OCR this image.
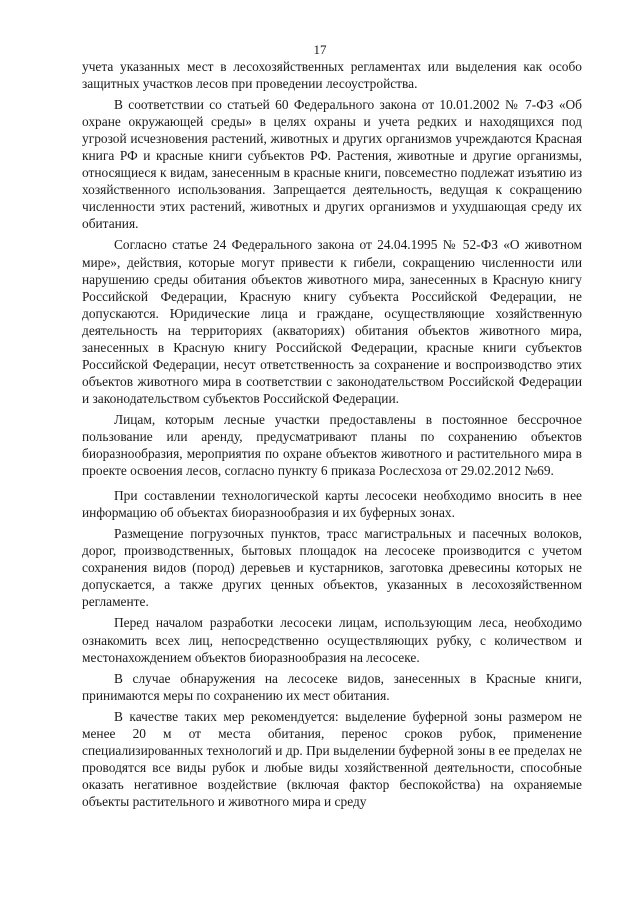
17

учета указанных мест в лесохозяйственных регламентах или выделения как особо защитных участков лесов при проведении лесоустройства.

В соответствии со статьей 60 Федерального закона от 10.01.2002 № 7-ФЗ «Об охране окружающей среды» в целях охраны и учета редких и находящихся под угрозой исчезновения растений, животных и других организмов учреждаются Красная книга РФ и красные книги субъектов РФ. Растения, животные и другие организмы, относящиеся к видам, занесенным в красные книги, повсеместно подлежат изъятию из хозяйственного использования. Запрещается деятельность, ведущая к сокращению численности этих растений, животных и других организмов и ухудшающая среду их обитания.

Согласно статье 24 Федерального закона от 24.04.1995 № 52-ФЗ «О животном мире», действия, которые могут привести к гибели, сокращению численности или нарушению среды обитания объектов животного мира, занесенных в Красную книгу Российской Федерации, Красную книгу субъекта Российской Федерации, не допускаются. Юридические лица и граждане, осуществляющие хозяйственную деятельность на территориях (акваториях) обитания объектов животного мира, занесенных в Красную книгу Российской Федерации, красные книги субъектов Российской Федерации, несут ответственность за сохранение и воспроизводство этих объектов животного мира в соответствии с законодательством Российской Федерации и законодательством субъектов Российской Федерации.

Лицам, которым лесные участки предоставлены в постоянное бессрочное пользование или аренду, предусматривают планы по сохранению объектов биоразнообразия, мероприятия по охране объектов животного и растительного мира в проекте освоения лесов, согласно пункту 6 приказа Рослесхоза от 29.02.2012 №69.

При составлении технологической карты лесосеки необходимо вносить в нее информацию об объектах биоразнообразия и их буферных зонах.

Размещение погрузочных пунктов, трасс магистральных и пасечных волоков, дорог, производственных, бытовых площадок на лесосеке производится с учетом сохранения видов (пород) деревьев и кустарников, заготовка древесины которых не допускается, а также других ценных объектов, указанных в лесохозяйственном регламенте.

Перед началом разработки лесосеки лицам, использующим леса, необходимо ознакомить всех лиц, непосредственно осуществляющих рубку, с количеством и местонахождением объектов биоразнообразия на лесосеке.

В случае обнаружения на лесосеке видов, занесенных в Красные книги, принимаются меры по сохранению их мест обитания.

В качестве таких мер рекомендуется: выделение буферной зоны размером не менее 20 м от места обитания, перенос сроков рубок, применение специализированных технологий и др. При выделении буферной зоны в ее пределах не проводятся все виды рубок и любые виды хозяйственной деятельности, способные оказать негативное воздействие (включая фактор беспокойства) на охраняемые объекты растительного и животного мира и среду
